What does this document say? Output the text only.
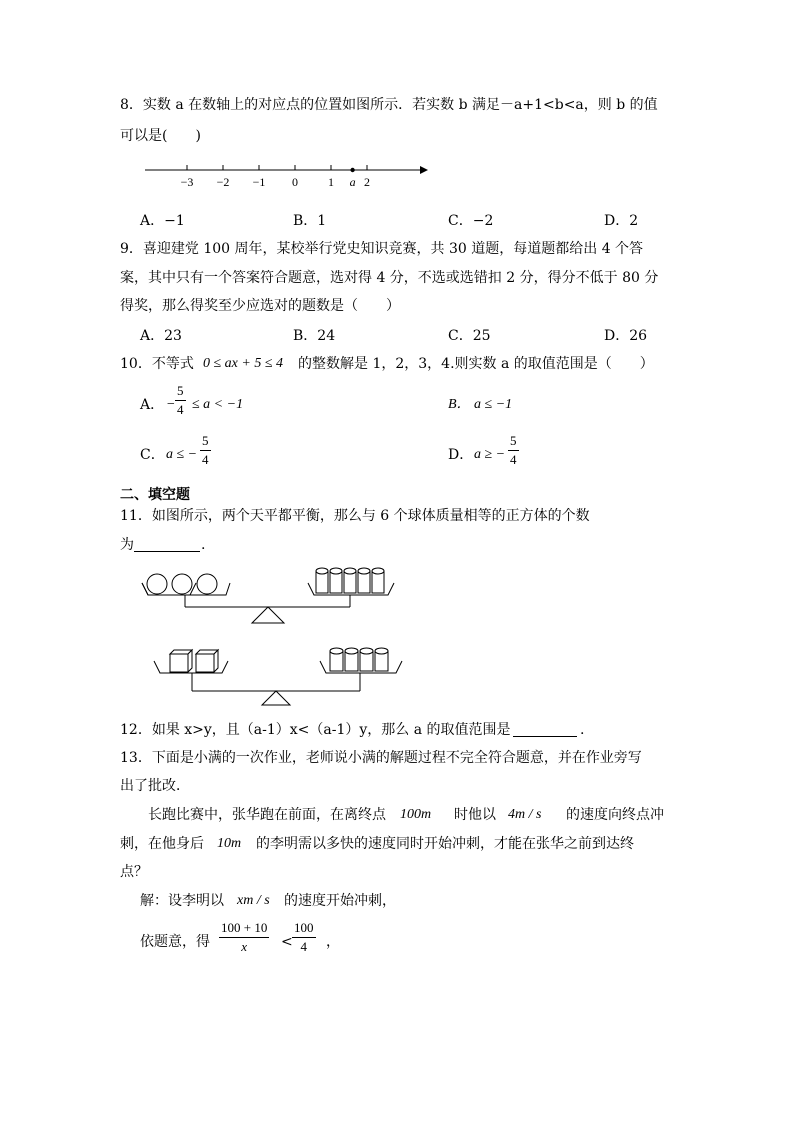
8．实数 a 在数轴上的对应点的位置如图所示．若实数 b 满足－a+1<b<a，则 b 的值
可以是(　　)
−3 −2 −1 0	1	2
a
A．−1	B．1	C．−2	D．2
9．喜迎建党 100 周年，某校举行党史知识竞赛，共 30 道题，每道题都给出 4 个答
案，其中只有一个答案符合题意，选对得 4 分，不选或选错扣 2 分，得分不低于 80 分
得奖，那么得奖至少应选对的题数是（　　）
A．23	B．24	C．25	D．26
10．不等式 0 ≤ ax + 5 ≤ 4 的整数解是 1，2，3，4.则实数 a 的取值范围是（　　）
A． −
5
4 ≤ a < −1	B． a ≤ −1
C． a ≤ −
5
4	D． a ≥ −
5
4
二、填空题
11．如图所示，两个天平都平衡，那么与 6 个球体质量相等的正方体的个数
为	.
12．如果 x>y，且（a-1）x<（a-1）y，那么 a 的取值范围是	.
13．下面是小满的一次作业，老师说小满的解题过程不完全符合题意，并在作业旁写
出了批改．
长跑比赛中，张华跑在前面，在离终点 100m 时他以 4m / s 的速度向终点冲
刺，在他身后 10m 的李明需以多快的速度同时开始冲刺，才能在张华之前到达终
点？
解：设李明以 xm / s 的速度开始冲刺，
依题意，得
100 + 10
x <
100
4 ，
